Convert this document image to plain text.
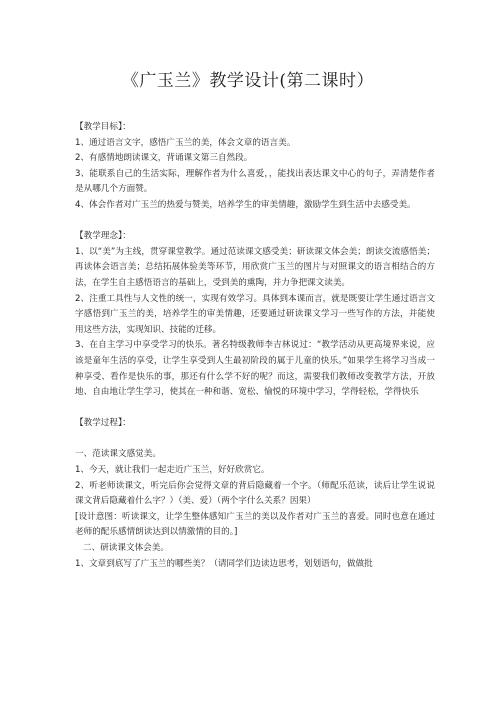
《广玉兰》教学设计(第二课时）

【教学目标】：

1、通过语言文字，感悟广玉兰的美，体会文章的语言美。

2、有感情地朗读课文，背诵课文第三自然段。

3、能联系自己的生活实际，理解作者为什么喜爱，，能找出表达课文中心的句子，弄清楚作者是从哪几个方面赞。

4、体会作者对广玉兰的热爱与赞美，培养学生的审美情趣，激励学生到生活中去感受美。

【教学理念】：

1、以“美”为主线，贯穿课堂教学。通过范读课文感受美；研读课文体会美；朗读交流感悟美；再读体会语言美；总结拓展体验美等环节，用欣赏广玉兰的图片与对照课文的语言相结合的方法，在学生自主感悟语言的基础上，受到美的熏陶，并力争把课文读美。

2、注重工具性与人文性的统一，实现有效学习。具体到本课而言，就是既要让学生通过语言文字感悟到广玉兰的美，培养学生的审美情趣，还要通过研读课文学习一些写作的方法，并能使用这些方法，实现知识、技能的迁移。

3、在自主学习中享受学习的快乐。著名特级教师李吉林说过：“教学活动从更高境界来说，应该是童年生活的享受，让学生享受到人生最初阶段的属于儿童的快乐。”如果学生将学习当成一种享受、看作是快乐的事，那还有什么学不好的呢？而这，需要我们教师改变教学方法，开放地、自由地让学生学习，使其在一种和谐、宽松、愉悦的环境中学习，学得轻松，学得快乐

【教学过程】：

一、范读课文感觉美。

1、今天，就让我们一起走近广玉兰，好好欣赏它。

2、听老师读课文，听完后你会觉得文章的背后隐藏着一个字。（师配乐范读，读后让学生说说课文背后隐藏着什么字？）（美、爱）（两个字什么关系？因果）

[设计意图：听读课文，让学生整体感知广玉兰的美以及作者对广玉兰的喜爱。同时也意在通过老师的配乐感情朗读达到以情激情的目的。]

二、研读课文体会美。

1、文章到底写了广玉兰的哪些美？（请同学们边读边思考，划划语句，做做批
